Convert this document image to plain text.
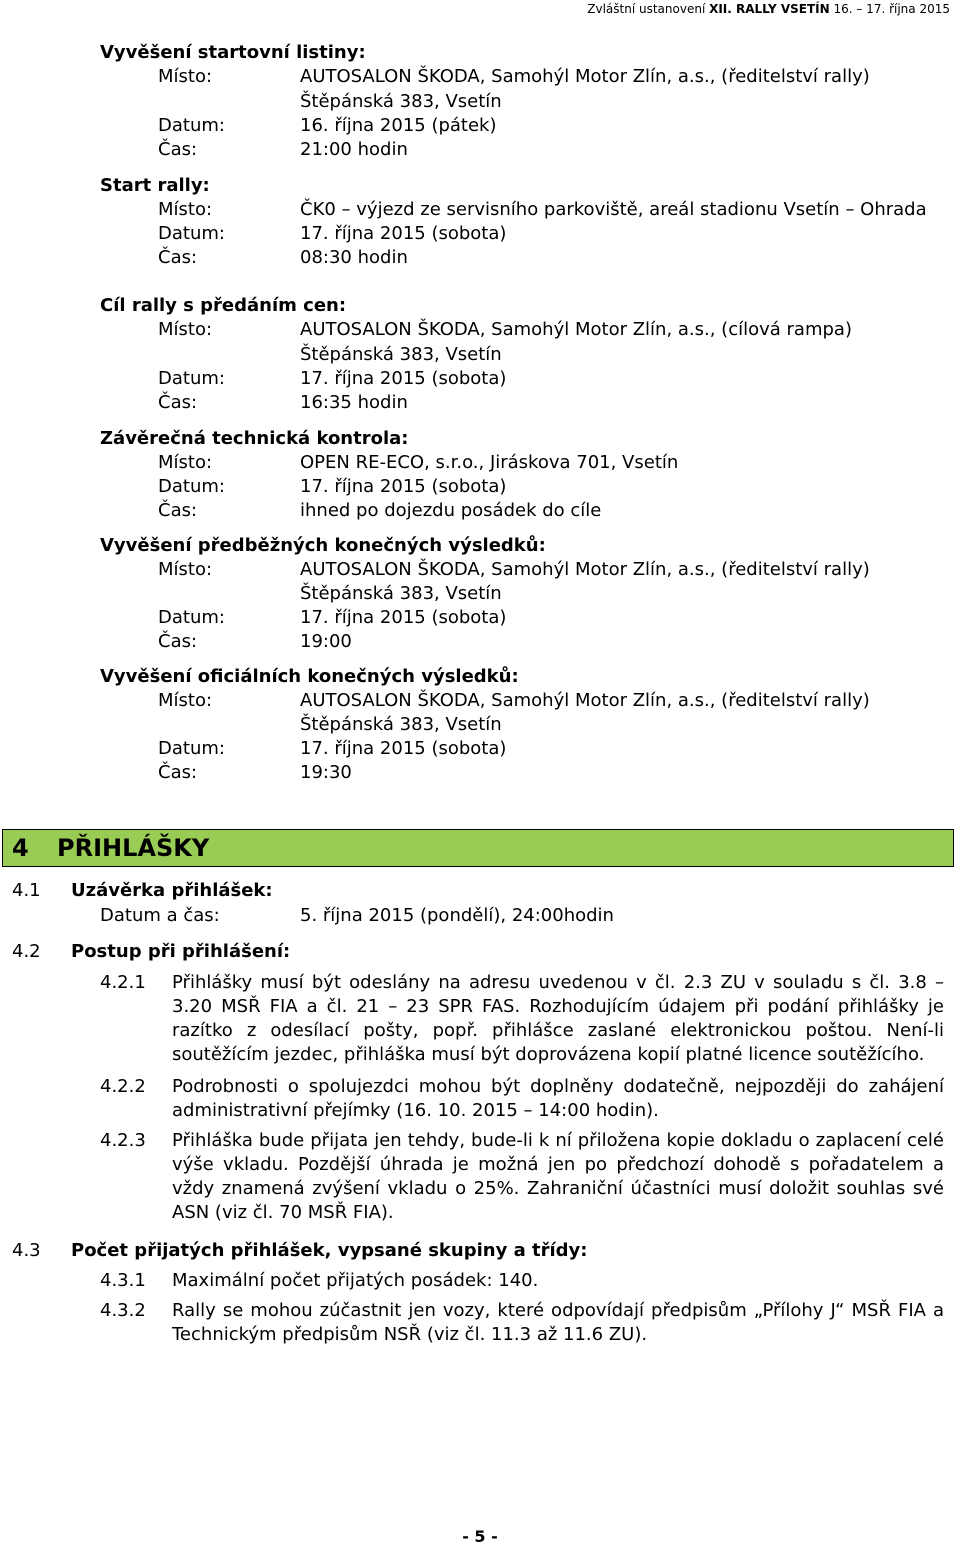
Zvláštní ustanovení XII. RALLY VSETÍN 16. – 17. října 2015
Vyvěšení startovní listiny:
Místo:	AUTOSALON ŠKODA, Samohýl Motor Zlín, a.s., (ředitelství rally)
Štěpánská 383, Vsetín
Datum:	16. října 2015 (pátek)
Čas:	21:00 hodin
Start rally:
Místo:	ČK0 – výjezd ze servisního parkoviště, areál stadionu Vsetín – Ohrada
Datum:	17. října 2015 (sobota)
Čas:	08:30 hodin
Cíl rally s předáním cen:
Místo:	AUTOSALON ŠKODA, Samohýl Motor Zlín, a.s., (cílová rampa)
Štěpánská 383, Vsetín
Datum:	17. října 2015 (sobota)
Čas:	16:35 hodin
Závěrečná technická kontrola:
Místo:	OPEN RE-ECO, s.r.o., Jiráskova 701, Vsetín
Datum:	17. října 2015 (sobota)
Čas:	ihned po dojezdu posádek do cíle
Vyvěšení předběžných konečných výsledků:
Místo:	AUTOSALON ŠKODA, Samohýl Motor Zlín, a.s., (ředitelství rally)
Štěpánská 383, Vsetín
Datum:	17. října 2015 (sobota)
Čas:	19:00
Vyvěšení oficiálních konečných výsledků:
Místo:	AUTOSALON ŠKODA, Samohýl Motor Zlín, a.s., (ředitelství rally)
Štěpánská 383, Vsetín
Datum:	17. října 2015 (sobota)
Čas:	19:30
4 PŘIHLÁŠKY
4.1 Uzávěrka přihlášek:
Datum a čas:	5. října 2015 (pondělí), 24:00hodin
4.2 Postup při přihlášení:
4.2.1 Přihlášky musí být odeslány na adresu uvedenou v čl. 2.3 ZU v souladu s čl. 3.8 – 3.20 MSŘ FIA a čl. 21 – 23 SPR FAS. Rozhodujícím údajem při podání přihlášky je razítko z odesílací pošty, popř. přihlášce zaslané elektronickou poštou. Není-li soutěžícím jezdec, přihláška musí být doprovázena kopií platné licence soutěžícího.
4.2.2 Podrobnosti o spolujezdci mohou být doplněny dodatečně, nejpozději do zahájení administrativní přejímky (16. 10. 2015 – 14:00 hodin).
4.2.3 Přihláška bude přijata jen tehdy, bude-li k ní přiložena kopie dokladu o zaplacení celé výše vkladu. Pozdější úhrada je možná jen po předchozí dohodě s pořadatelem a vždy znamená zvýšení vkladu o 25%. Zahraniční účastníci musí doložit souhlas své ASN (viz čl. 70 MSŘ FIA).
4.3 Počet přijatých přihlášek, vypsané skupiny a třídy:
4.3.1 Maximální počet přijatých posádek: 140.
4.3.2 Rally se mohou zúčastnit jen vozy, které odpovídají předpisům „Přílohy J“ MSŘ FIA a Technickým předpisům NSŘ (viz čl. 11.3 až 11.6 ZU).
- 5 -
